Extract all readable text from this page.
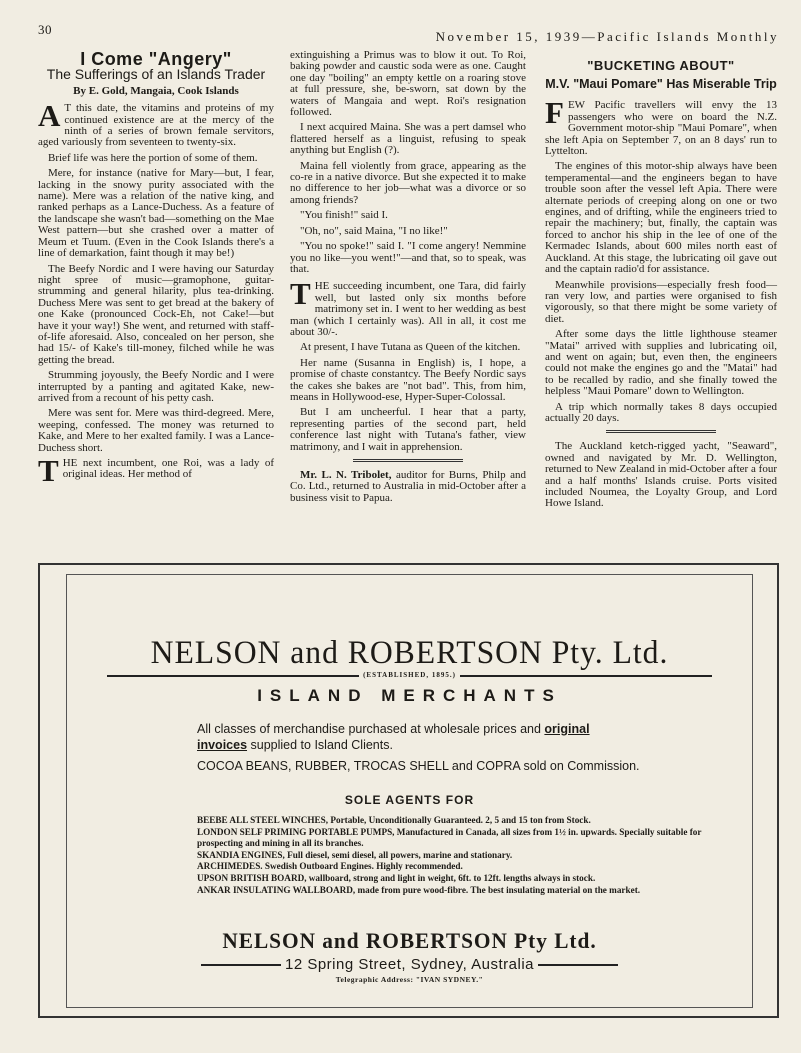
30	November 15, 1939—Pacific Islands Monthly
I Come "Angery"
The Sufferings of an Islands Trader
By E. Gold, Mangaia, Cook Islands

A T this date, the vitamins and proteins of my continued existence are at the mercy of the ninth of a series of brown female servitors, aged variously from seventeen to twenty-six.

Brief life was here the portion of some of them.

Mere, for instance (native for Mary—but, I fear, lacking in the snowy purity associated with the name). Mere was a relation of the native king, and ranked perhaps as a Lance-Duchess. As a feature of the landscape she wasn't bad—something on the Mae West pattern—but she crashed over a matter of Meum et Tuum. (Even in the Cook Islands there's a line of demarkation, faint though it may be!)

The Beefy Nordic and I were having our Saturday night spree of music—gramophone, guitar-strumming and general hilarity, plus tea-drinking. Duchess Mere was sent to get bread at the bakery of one Kake (pronounced Cock-Eh, not Cake!—but have it your way!) She went, and returned with staff-of-life aforesaid. Also, concealed on her person, she had 15/- of Kake's till-money, filched while he was getting the bread.

Strumming joyously, the Beefy Nordic and I were interrupted by a panting and agitated Kake, new-arrived from a recount of his petty cash.

Mere was sent for. Mere was third-degreed. Mere, weeping, confessed. The money was returned to Kake, and Mere to her exalted family. I was a Lance-Duchess short.

THE next incumbent, one Roi, was a lady of original ideas. Her method of

extinguishing a Primus was to blow it out. To Roi, baking powder and caustic soda were as one. Caught one day "boiling" an empty kettle on a roaring stove at full pressure, she, be-sworn, sat down by the waters of Mangaia and wept. Roi's resignation followed.

I next acquired Maina. She was a pert damsel who flattered herself as a linguist, refusing to speak anything but English (?).

Maina fell violently from grace, appearing as the co-re in a native divorce. But she expected it to make no difference to her job—what was a divorce or so among friends?

"You finish!" said I.

"Oh, no", said Maina, "I no like!"

"You no spoke!" said I. "I come angery! Nemmine you no like—you went!"—and that, so to speak, was that.

THE succeeding incumbent, one Tara, did fairly well, but lasted only six months before matrimony set in. I went to her wedding as best man (which I certainly was). All in all, it cost me about 30/-.

At present, I have Tutana as Queen of the kitchen.

Her name (Susanna in English) is, I hope, a promise of chaste constantcy. The Beefy Nordic says the cakes she bakes are "not bad". This, from him, means in Hollywood-ese, Hyper-Super-Colossal.

But I am uncheerful. I hear that a party, representing parties of the second part, held conference last night with Tutana's father, view matrimony, and I wait in apprehension.

Mr. L. N. Tribolet, auditor for Burns, Philp and Co. Ltd., returned to Australia in mid-October after a business visit to Papua.

"BUCKETING ABOUT"
M.V. "Maui Pomare" Has Miserable Trip

FEW Pacific travellers will envy the 13 passengers who were on board the N.Z. Government motor-ship "Maui Pomare", when she left Apia on September 7, on an 8 days' run to Lyttelton.

The engines of this motor-ship always have been temperamental—and the engineers began to have trouble soon after the vessel left Apia. There were alternate periods of creeping along on one or two engines, and of drifting, while the engineers tried to repair the machinery; but, finally, the captain was forced to anchor his ship in the lee of one of the Kermadec Islands, about 600 miles north east of Auckland. At this stage, the lubricating oil gave out and the captain radio'd for assistance.

Meanwhile provisions—especially fresh food—ran very low, and parties were organised to fish vigorously, so that there might be some variety of diet.

After some days the little lighthouse steamer "Matai" arrived with supplies and lubricating oil, and went on again; but, even then, the engineers could not make the engines go and the "Matai" had to be recalled by radio, and she finally towed the helpless "Maui Pomare" down to Wellington.

A trip which normally takes 8 days occupied actually 20 days.

The Auckland ketch-rigged yacht, "Seaward", owned and navigated by Mr. D. Wellington, returned to New Zealand in mid-October after a four and a half months' Islands cruise. Ports visited included Noumea, the Loyalty Group, and Lord Howe Island.

NELSON and ROBERTSON Pty. Ltd.
(ESTABLISHED, 1895.)
ISLAND MERCHANTS
All classes of merchandise purchased at wholesale prices and original
invoices supplied to Island Clients.
COCOA BEANS, RUBBER, TROCAS SHELL and COPRA sold on Commission.
SOLE AGENTS FOR

BEEBE ALL STEEL WINCHES, Portable, Unconditionally Guaranteed. 2, 5 and 15 ton from Stock.

LONDON SELF PRIMING PORTABLE PUMPS, Manufactured in Canada, all sizes from 1½ in. upwards. Specially suitable for prospecting and mining in all its branches.

SKANDIA ENGINES, Full diesel, semi diesel, all powers, marine and stationary.

ARCHIMEDES. Swedish Outboard Engines. Highly recommended.

UPSON BRITISH BOARD, wallboard, strong and light in weight, 6ft. to 12ft. lengths always in stock.

ANKAR INSULATING WALLBOARD, made from pure wood-fibre. The best insulating material on the market.

NELSON and ROBERTSON Pty Ltd.
12 Spring Street, Sydney, Australia
Telegraphic Address: "IVAN SYDNEY."
